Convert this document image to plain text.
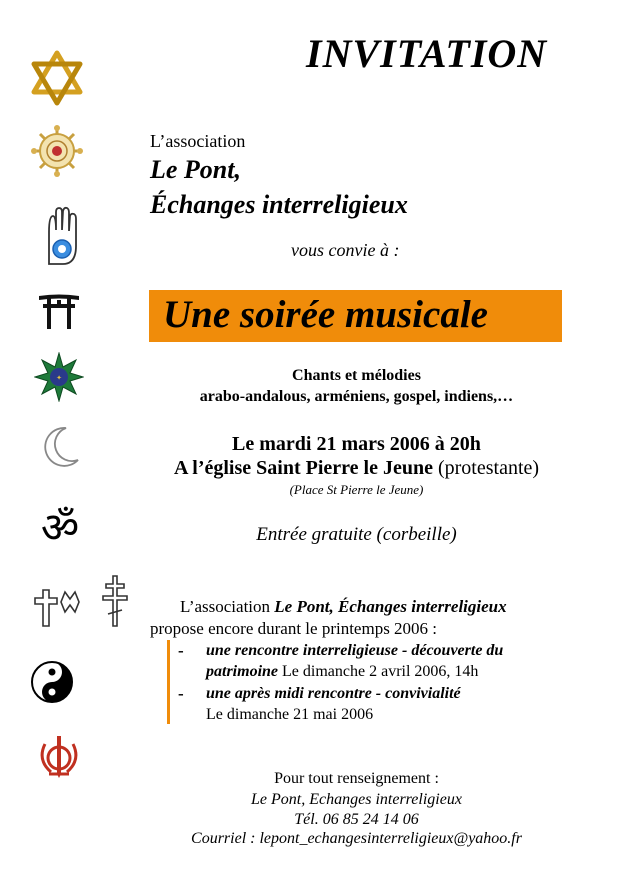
✦
ॐ
INVITATION
L’association
Le Pont,
Échanges interreligieux
vous convie à :
Une soirée musicale
Chants et mélodies
arabo-andalous, arméniens, gospel, indiens,…
Le mardi 21 mars 2006 à 20h
A l’église Saint Pierre le Jeune (protestante)
(Place St Pierre le Jeune)
Entrée gratuite (corbeille)
L’association Le Pont, Échanges interreligieux
propose encore durant le printemps 2006 :
- une rencontre interreligieuse - découverte du
patrimoine Le dimanche 2 avril 2006, 14h
- une après midi rencontre - convivialité
Le dimanche 21 mai 2006
Pour tout renseignement :
Le Pont, Echanges interreligieux
Tél. 06 85 24 14 06
Courriel : lepont_echangesinterreligieux@yahoo.fr
